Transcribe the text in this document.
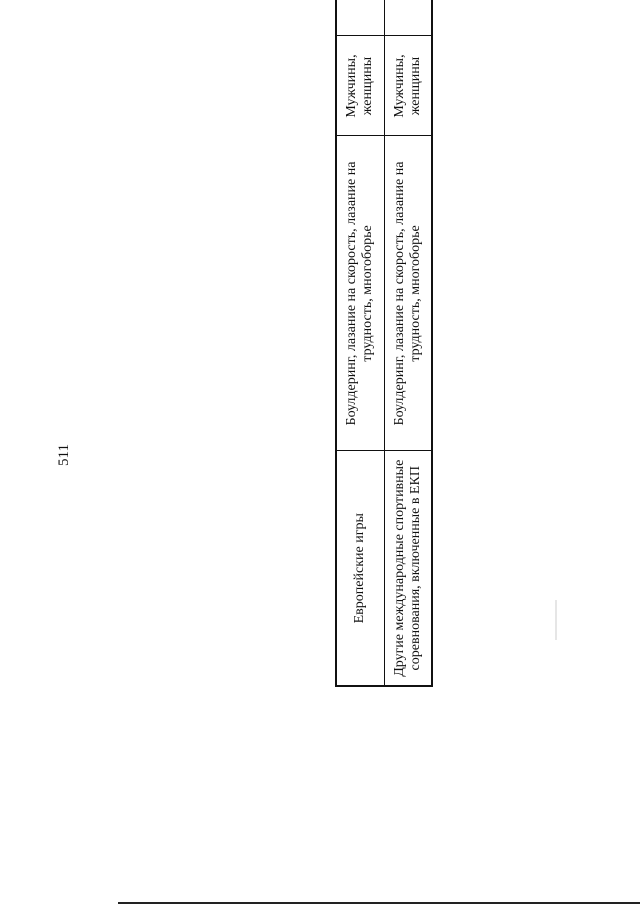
511
Европейские игры	Боулдеринг, лазание на скорость, лазание на трудность, многоборье	Мужчины, женщины	
Другие международные спортивные соревнования, включенные в ЕКП	Боулдеринг, лазание на скорость, лазание на трудность, многоборье	Мужчины, женщины	
